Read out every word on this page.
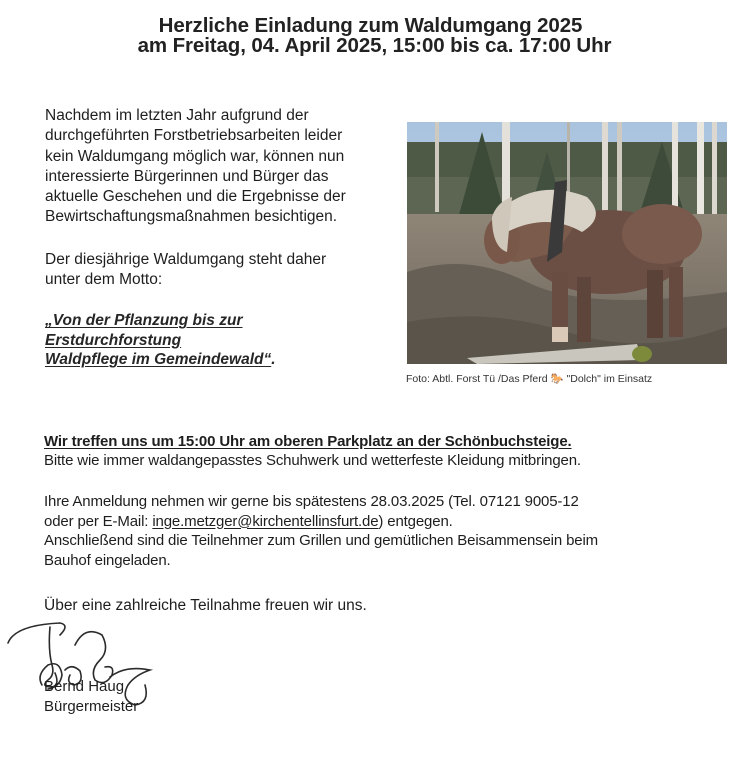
Herzliche Einladung zum Waldumgang 2025
am Freitag, 04. April 2025, 15:00 bis ca. 17:00 Uhr
Nachdem im letzten Jahr aufgrund der
durchgeführten Forstbetriebsarbeiten leider
kein Waldumgang möglich war, können nun
interessierte Bürgerinnen und Bürger das
aktuelle Geschehen und die Ergebnisse der
Bewirtschaftungsmaßnahmen besichtigen.
Der diesjährige Waldumgang steht daher
unter dem Motto:
„Von der Pflanzung bis zur
Erstdurchforstung
Waldpflege im Gemeindewald“.
Foto: Abtl. Forst Tü /Das Pferd 🐎 "Dolch" im Einsatz
Wir treffen uns um 15:00 Uhr am oberen Parkplatz an der Schönbuchsteige.
Bitte wie immer waldangepasstes Schuhwerk und wetterfeste Kleidung mitbringen.
Ihre Anmeldung nehmen wir gerne bis spätestens 28.03.2025 (Tel. 07121 9005-12
oder per E-Mail: inge.metzger@kirchentellinsfurt.de) entgegen.
Anschließend sind die Teilnehmer zum Grillen und gemütlichen Beisammensein beim
Bauhof eingeladen.
Über eine zahlreiche Teilnahme freuen wir uns.
Bernd Haug
Bürgermeister
